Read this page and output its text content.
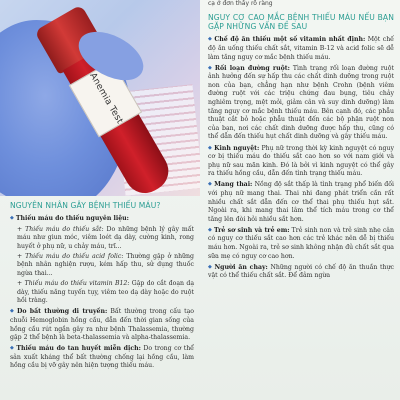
Anemia Test
NGUYÊN NHÂN GÂY BỆNH THIẾU MÁU?
◆ Thiếu máu do thiếu nguyên liệu:
+ Thiếu máu do thiếu sắt: Do những bệnh lý gây mất máu như giun móc, viêm loét dạ dày, cường kinh, rong huyết ở phụ nữ, u chảy máu, trĩ...
+ Thiếu máu do thiếu acid folic: Thường gặp ở những bệnh nhân nghiện rượu, kém hấp thu, sử dụng thuốc ngừa thai...
+ Thiếu máu do thiếu vitamin B12: Gặp do cắt đoạn dạ dày, thiếu năng tuyến tụy, viêm teo dạ dày hoặc do ruột hồi tràng.
◆ Do bất thường di truyền: Bất thường trong cấu tạo chuỗi Hemoglobin hồng cầu, dẫn đến thời gian sống của hồng cầu rút ngắn gây ra như bệnh Thalassemia, thường gặp 2 thể bệnh là beta-thalassemia và alpha-thalassemia.
◆ Thiếu máu do tan huyết miễn dịch: Do trong cơ thể sản xuất kháng thể bất thường chống lại hồng cầu, làm hồng cầu bị vỡ gây nên hiện tượng thiếu máu.
cạ ở đơn thấy rõ ràng
NGUY CƠ CAO MẮC BỆNH THIẾU MÁU NẾU BẠN GẶP NHỮNG VẤN ĐỀ SAU
◆ Chế độ ăn thiếu một số vitamin nhất định: Một chế độ ăn uống thiếu chất sắt, vitamin B-12 và acid folic sẽ dễ làm tăng nguy cơ mắc bệnh thiếu máu.
◆ Rối loạn đường ruột: Tình trạng rối loạn đường ruột ảnh hưởng đến sự hấp thu các chất dinh dưỡng trong ruột non của bạn, chẳng hạn như bệnh Crohn (bệnh viêm đường ruột với các triệu chứng đau bụng, tiêu chảy nghiêm trọng, mệt mỏi, giảm cân và suy dinh dưỡng) làm tăng nguy cơ mắc bệnh thiếu máu. Bên cạnh đó, các phẫu thuật cắt bỏ hoặc phẫu thuật đến các bộ phận ruột non của bạn, nơi các chất dinh dưỡng được hấp thụ, cũng có thể dẫn đến thiếu hụt chất dinh dưỡng và gây thiếu máu.
◆ Kinh nguyệt: Phụ nữ trong thời kỳ kinh nguyệt có nguy cơ bị thiếu máu do thiếu sắt cao hơn so với nam giới và phụ nữ sau mãn kinh. Đó là bởi vì kinh nguyệt có thể gây ra thiếu hồng cầu, dẫn đến tình trạng thiếu máu.
◆ Mang thai: Nồng độ sắt thấp là tình trạng phổ biến đối với phụ nữ mang thai. Thai nhi đang phát triển cần rất nhiều chất sắt dẫn đến cơ thể thai phụ thiếu hụt sắt. Ngoài ra, khi mang thai lâm thể tích máu trong cơ thể tăng lên đòi hỏi nhiều sắt hơn.
◆ Trẻ sơ sinh và trẻ em: Trẻ sinh non và trẻ sinh nhẹ cân có nguy cơ thiếu sắt cao hơn các trẻ khác nên dễ bị thiếu máu hơn. Ngoài ra, trẻ sơ sinh không nhận đủ chất sắt qua sữa mẹ có nguy cơ cao hơn.
◆ Người ăn chay: Những người có chế độ ăn thuần thực vật có thể thiếu chất sắt. Để đảm ngừa
